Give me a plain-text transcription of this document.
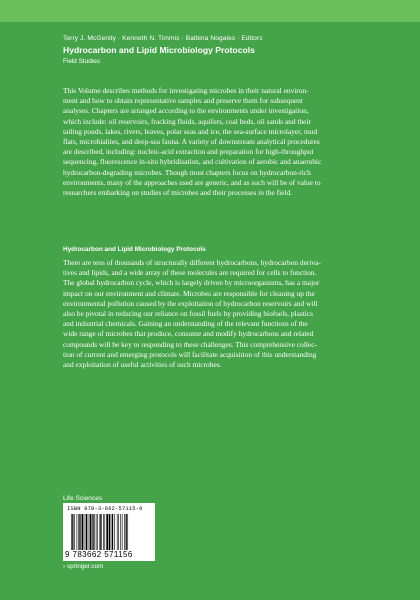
Terry J. McGenity · Kenneth N. Timmis · Balbina Nogales · Editors
Hydrocarbon and Lipid Microbiology Protocols
Field Studies
This Volume describes methods for investigating microbes in their natural environ-
ment and how to obtain representative samples and preserve them for subsequent
analyses. Chapters are arranged according to the environments under investigation,
which include: oil reservoirs, fracking fluids, aquifers, coal beds, oil sands and their
tailing ponds, lakes, rivers, leaves, polar seas and ice, the sea-surface microlayer, mud
flats, microbialites, and deep-sea fauna. A variety of downstream analytical procedures
are described, including: nucleic-acid extraction and preparation for high-throughput
sequencing, fluorescence in-situ hybridisation, and cultivation of aerobic and anaerobic
hydrocarbon-degrading microbes. Though most chapters focus on hydrocarbon-rich
environments, many of the approaches used are generic, and as such will be of value to
researchers embarking on studies of microbes and their processes in the field.
Hydrocarbon and Lipid Microbiology Protocols
There are tens of thousands of structurally different hydrocarbons, hydrocarbon deriva-
tives and lipids, and a wide array of these molecules are required for cells to function.
The global hydrocarbon cycle, which is largely driven by microorganisms, has a major
impact on our environment and climate. Microbes are responsible for cleaning up the
environmental pollution caused by the exploitation of hydrocarbon reservoirs and will
also be pivotal in reducing our reliance on fossil fuels by providing biofuels, plastics
and industrial chemicals. Gaining an understanding of the relevant functions of the
wide range of microbes that produce, consume and modify hydrocarbons and related
compounds will be key to responding to these challenges. This comprehensive collec-
tion of current and emerging protocols will facilitate acquisition of this understanding
and exploitation of useful activities of such microbes.
Life Sciences
ISBN 978-3-662-57115-6
9 783662 571156
› springer.com
